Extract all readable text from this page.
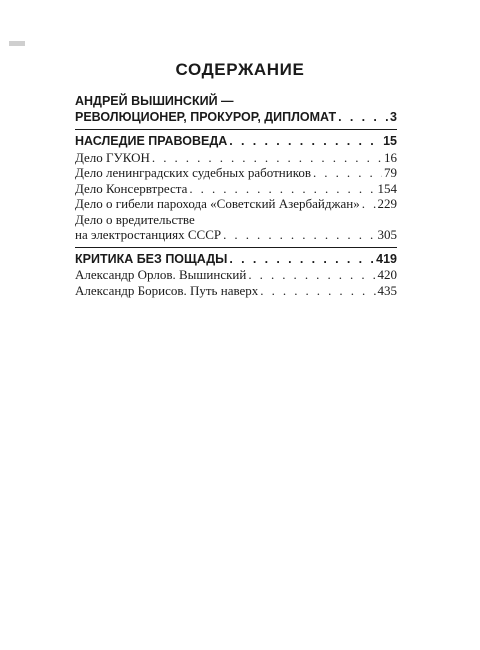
СОДЕРЖАНИЕ
АНДРЕЙ ВЫШИНСКИЙ —
РЕВОЛЮЦИОНЕР, ПРОКУРОР, ДИПЛОМАТ . . .	3
НАСЛЕДИЕ ПРАВОВЕДА . . .	15
Дело ГУКОН . . .	16
Дело ленинградских судебных работников . . .	79
Дело Консервтреста . . .	154
Дело о гибели парохода «Советский Азербайджан» . . . 229
Дело о вредительстве
на электростанциях СССР . . .	305
КРИТИКА БЕЗ ПОЩАДЫ . . .	419
Александр Орлов. Вышинский . . .	420
Александр Борисов. Путь наверх . . .	435
